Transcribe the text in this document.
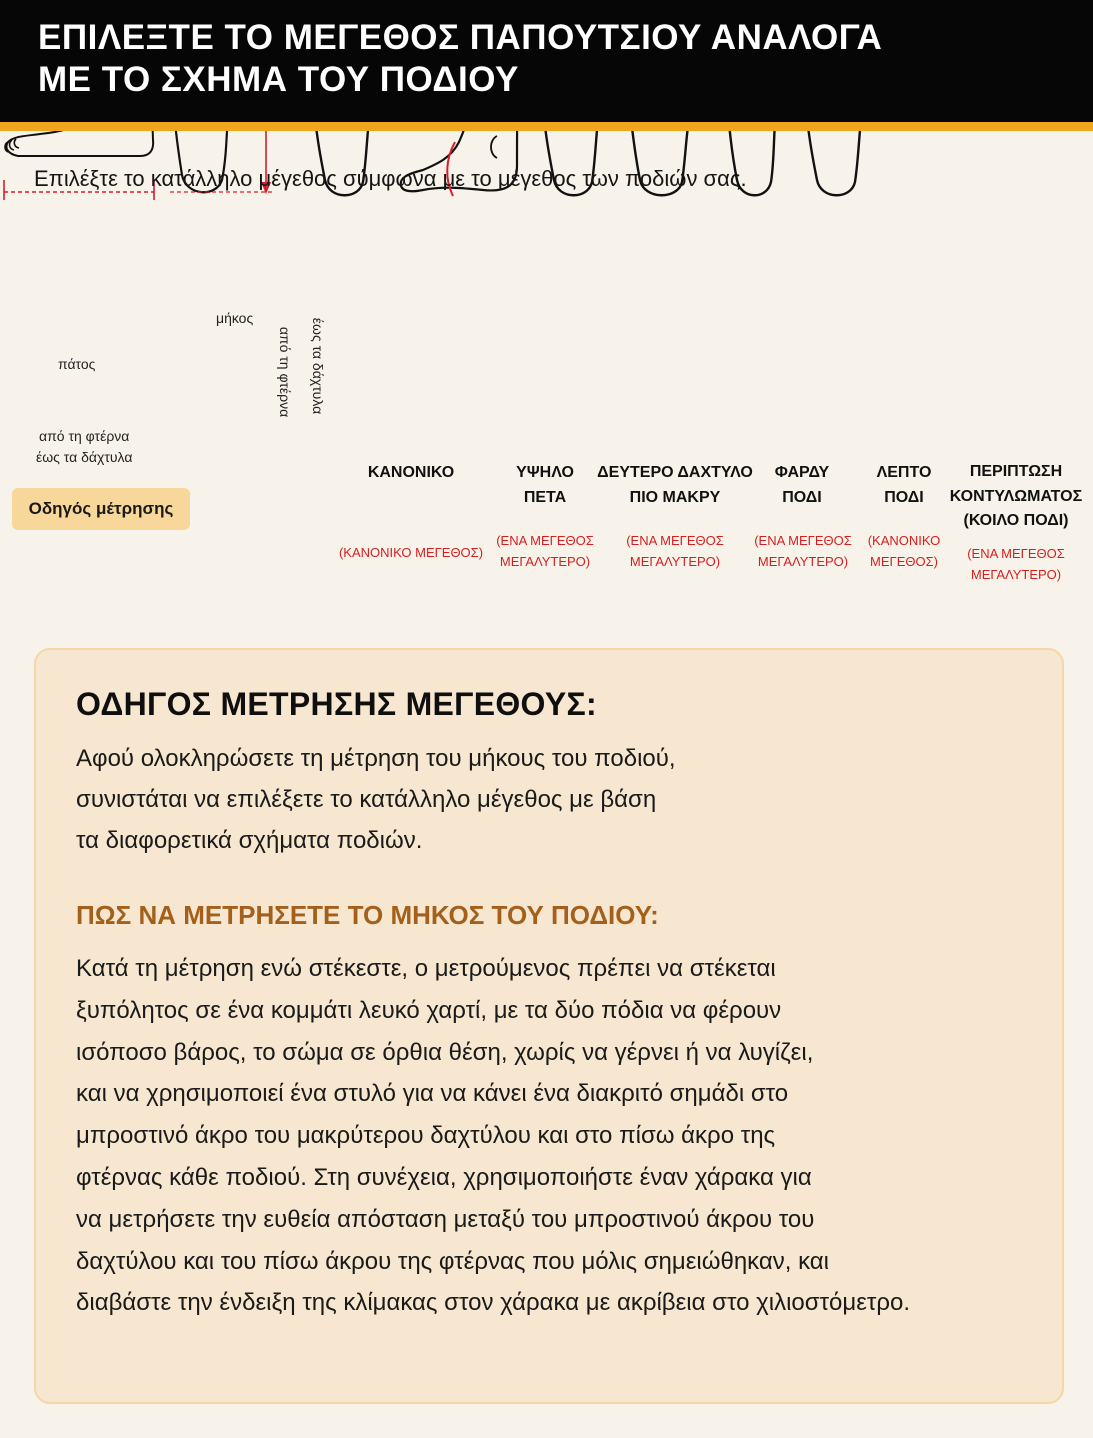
ΕΠΙΛΕΞΤΕ ΤΟ ΜΕΓΕΘΟΣ ΠΑΠΟΥΤΣΙΟΥ ΑΝΑΛΟΓΑ
ΜΕ ΤΟ ΣΧΗΜΑ ΤΟΥ ΠΟΔΙΟΥ
Επιλέξτε το κατάλληλο μέγεθος σύμφωνα με το μέγεθος των ποδιών σας.

πάτος
από τη φτέρνα
έως τα δάχτυλα

μήκος
από τη φτέρνα έως τα δάχτυλα
Οδηγός μέτρησης

ΚΑΝΟΝΙΚΟ
(ΚΑΝΟΝΙΚΟ ΜΕΓΕΘΟΣ)
ΥΨΗΛΟ
ΠΕΤΑ
(ΕΝΑ ΜΕΓΕΘΟΣ
ΜΕΓΑΛΥΤΕΡΟ)
ΔΕΥΤΕΡΟ ΔΑΧΤΥΛΟ
ΠΙΟ ΜΑΚΡΥ
(ΕΝΑ ΜΕΓΕΘΟΣ
ΜΕΓΑΛΥΤΕΡΟ)
ΦΑΡΔΥ
ΠΟΔΙ
(ΕΝΑ ΜΕΓΕΘΟΣ
ΜΕΓΑΛΥΤΕΡΟ)
ΛΕΠΤΟ
ΠΟΔΙ
(ΚΑΝΟΝΙΚΟ
ΜΕΓΕΘΟΣ)
ΠΕΡΙΠΤΩΣΗ
ΚΟΝΤΥΛΩΜΑΤΟΣ
(ΚΟΙΛΟ ΠΟΔΙ)
(ΕΝΑ ΜΕΓΕΘΟΣ
ΜΕΓΑΛΥΤΕΡΟ)
ΟΔΗΓΟΣ ΜΕΤΡΗΣΗΣ ΜΕΓΕΘΟΥΣ:
Αφού ολοκληρώσετε τη μέτρηση του μήκους του ποδιού,
συνιστάται να επιλέξετε το κατάλληλο μέγεθος με βάση
τα διαφορετικά σχήματα ποδιών.
ΠΩΣ ΝΑ ΜΕΤΡΗΣΕΤΕ ΤΟ ΜΗΚΟΣ ΤΟΥ ΠΟΔΙΟΥ:
Κατά τη μέτρηση ενώ στέκεστε, ο μετρούμενος πρέπει να στέκεται
ξυπόλητος σε ένα κομμάτι λευκό χαρτί, με τα δύο πόδια να φέρουν
ισόποσο βάρος, το σώμα σε όρθια θέση, χωρίς να γέρνει ή να λυγίζει,
και να χρησιμοποιεί ένα στυλό για να κάνει ένα διακριτό σημάδι στο
μπροστινό άκρο του μακρύτερου δαχτύλου και στο πίσω άκρο της
φτέρνας κάθε ποδιού. Στη συνέχεια, χρησιμοποιήστε έναν χάρακα για
να μετρήσετε την ευθεία απόσταση μεταξύ του μπροστινού άκρου του
δαχτύλου και του πίσω άκρου της φτέρνας που μόλις σημειώθηκαν, και
διαβάστε την ένδειξη της κλίμακας στον χάρακα με ακρίβεια στο χιλιοστόμετρο.
